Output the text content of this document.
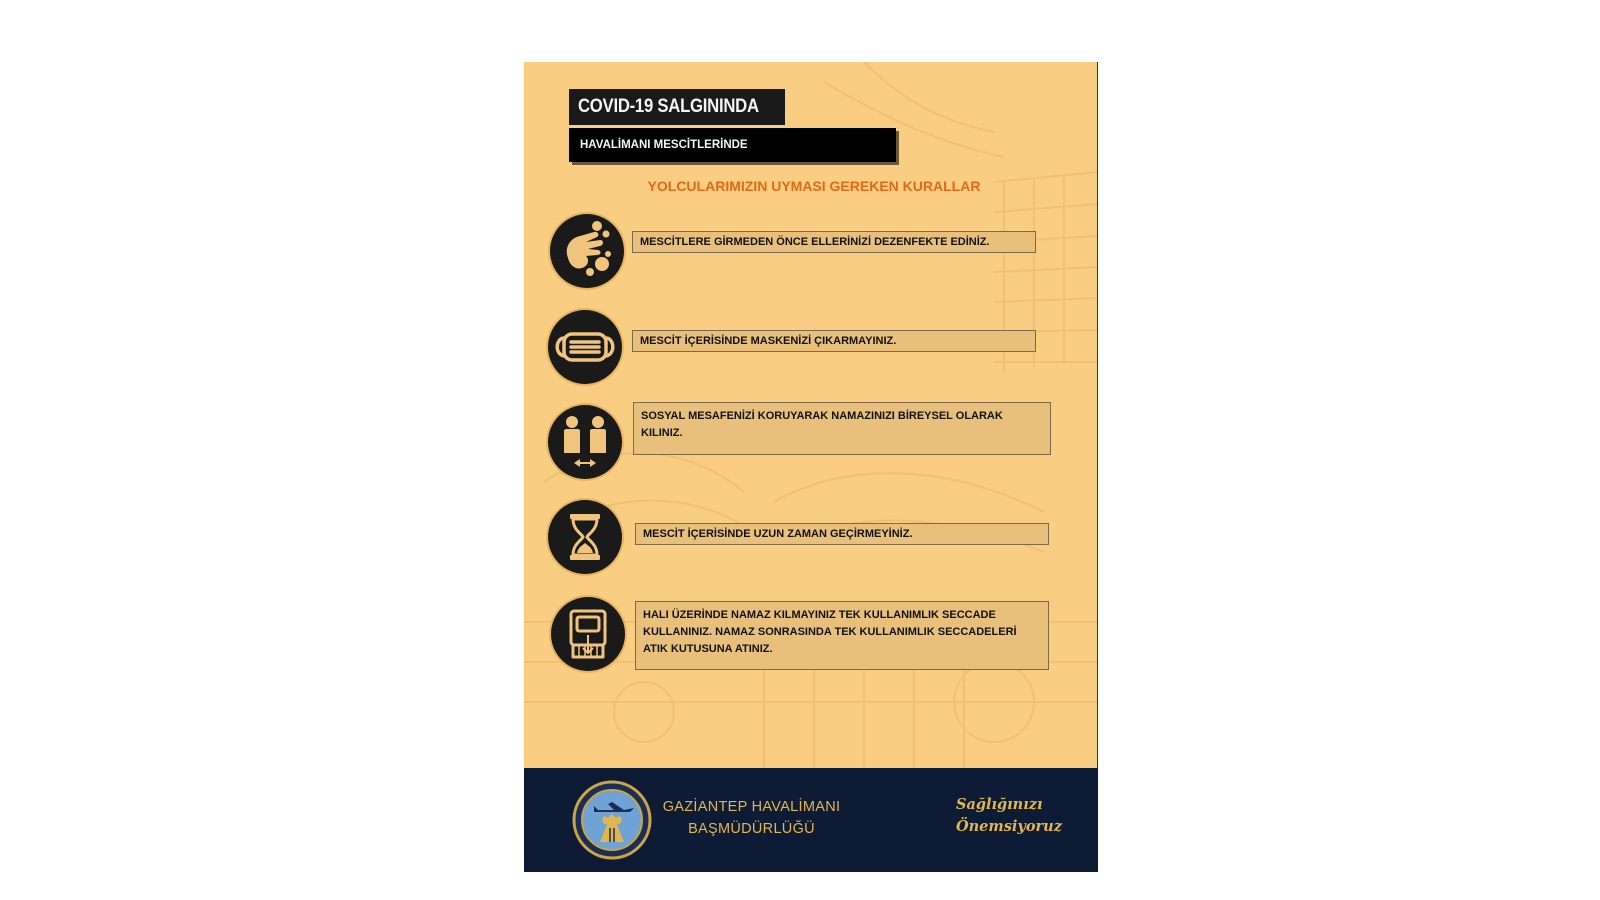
COVID-19 SALGININDA
HAVALİMANI MESCİTLERİNDE
YOLCULARIMIZIN UYMASI GEREKEN KURALLAR
MESCİTLERE GİRMEDEN ÖNCE ELLERİNİZİ DEZENFEKTE EDİNİZ.
MESCİT İÇERİSİNDE MASKENİZİ ÇIKARMAYINIZ.
SOSYAL MESAFENİZİ KORUYARAK NAMAZINIZI BİREYSEL OLARAK KILINIZ.
MESCİT İÇERİSİNDE UZUN ZAMAN GEÇİRMEYİNİZ.
HALI ÜZERİNDE NAMAZ KILMAYINIZ TEK KULLANIMLIK SECCADE KULLANINIZ. NAMAZ SONRASINDA TEK KULLANIMLIK SECCADELERİ ATIK KUTUSUNA ATINIZ.
GAZİANTEP HAVALİMANI
BAŞMÜDÜRLÜĞÜ
Sağlığınızı
Önemsiyoruz
